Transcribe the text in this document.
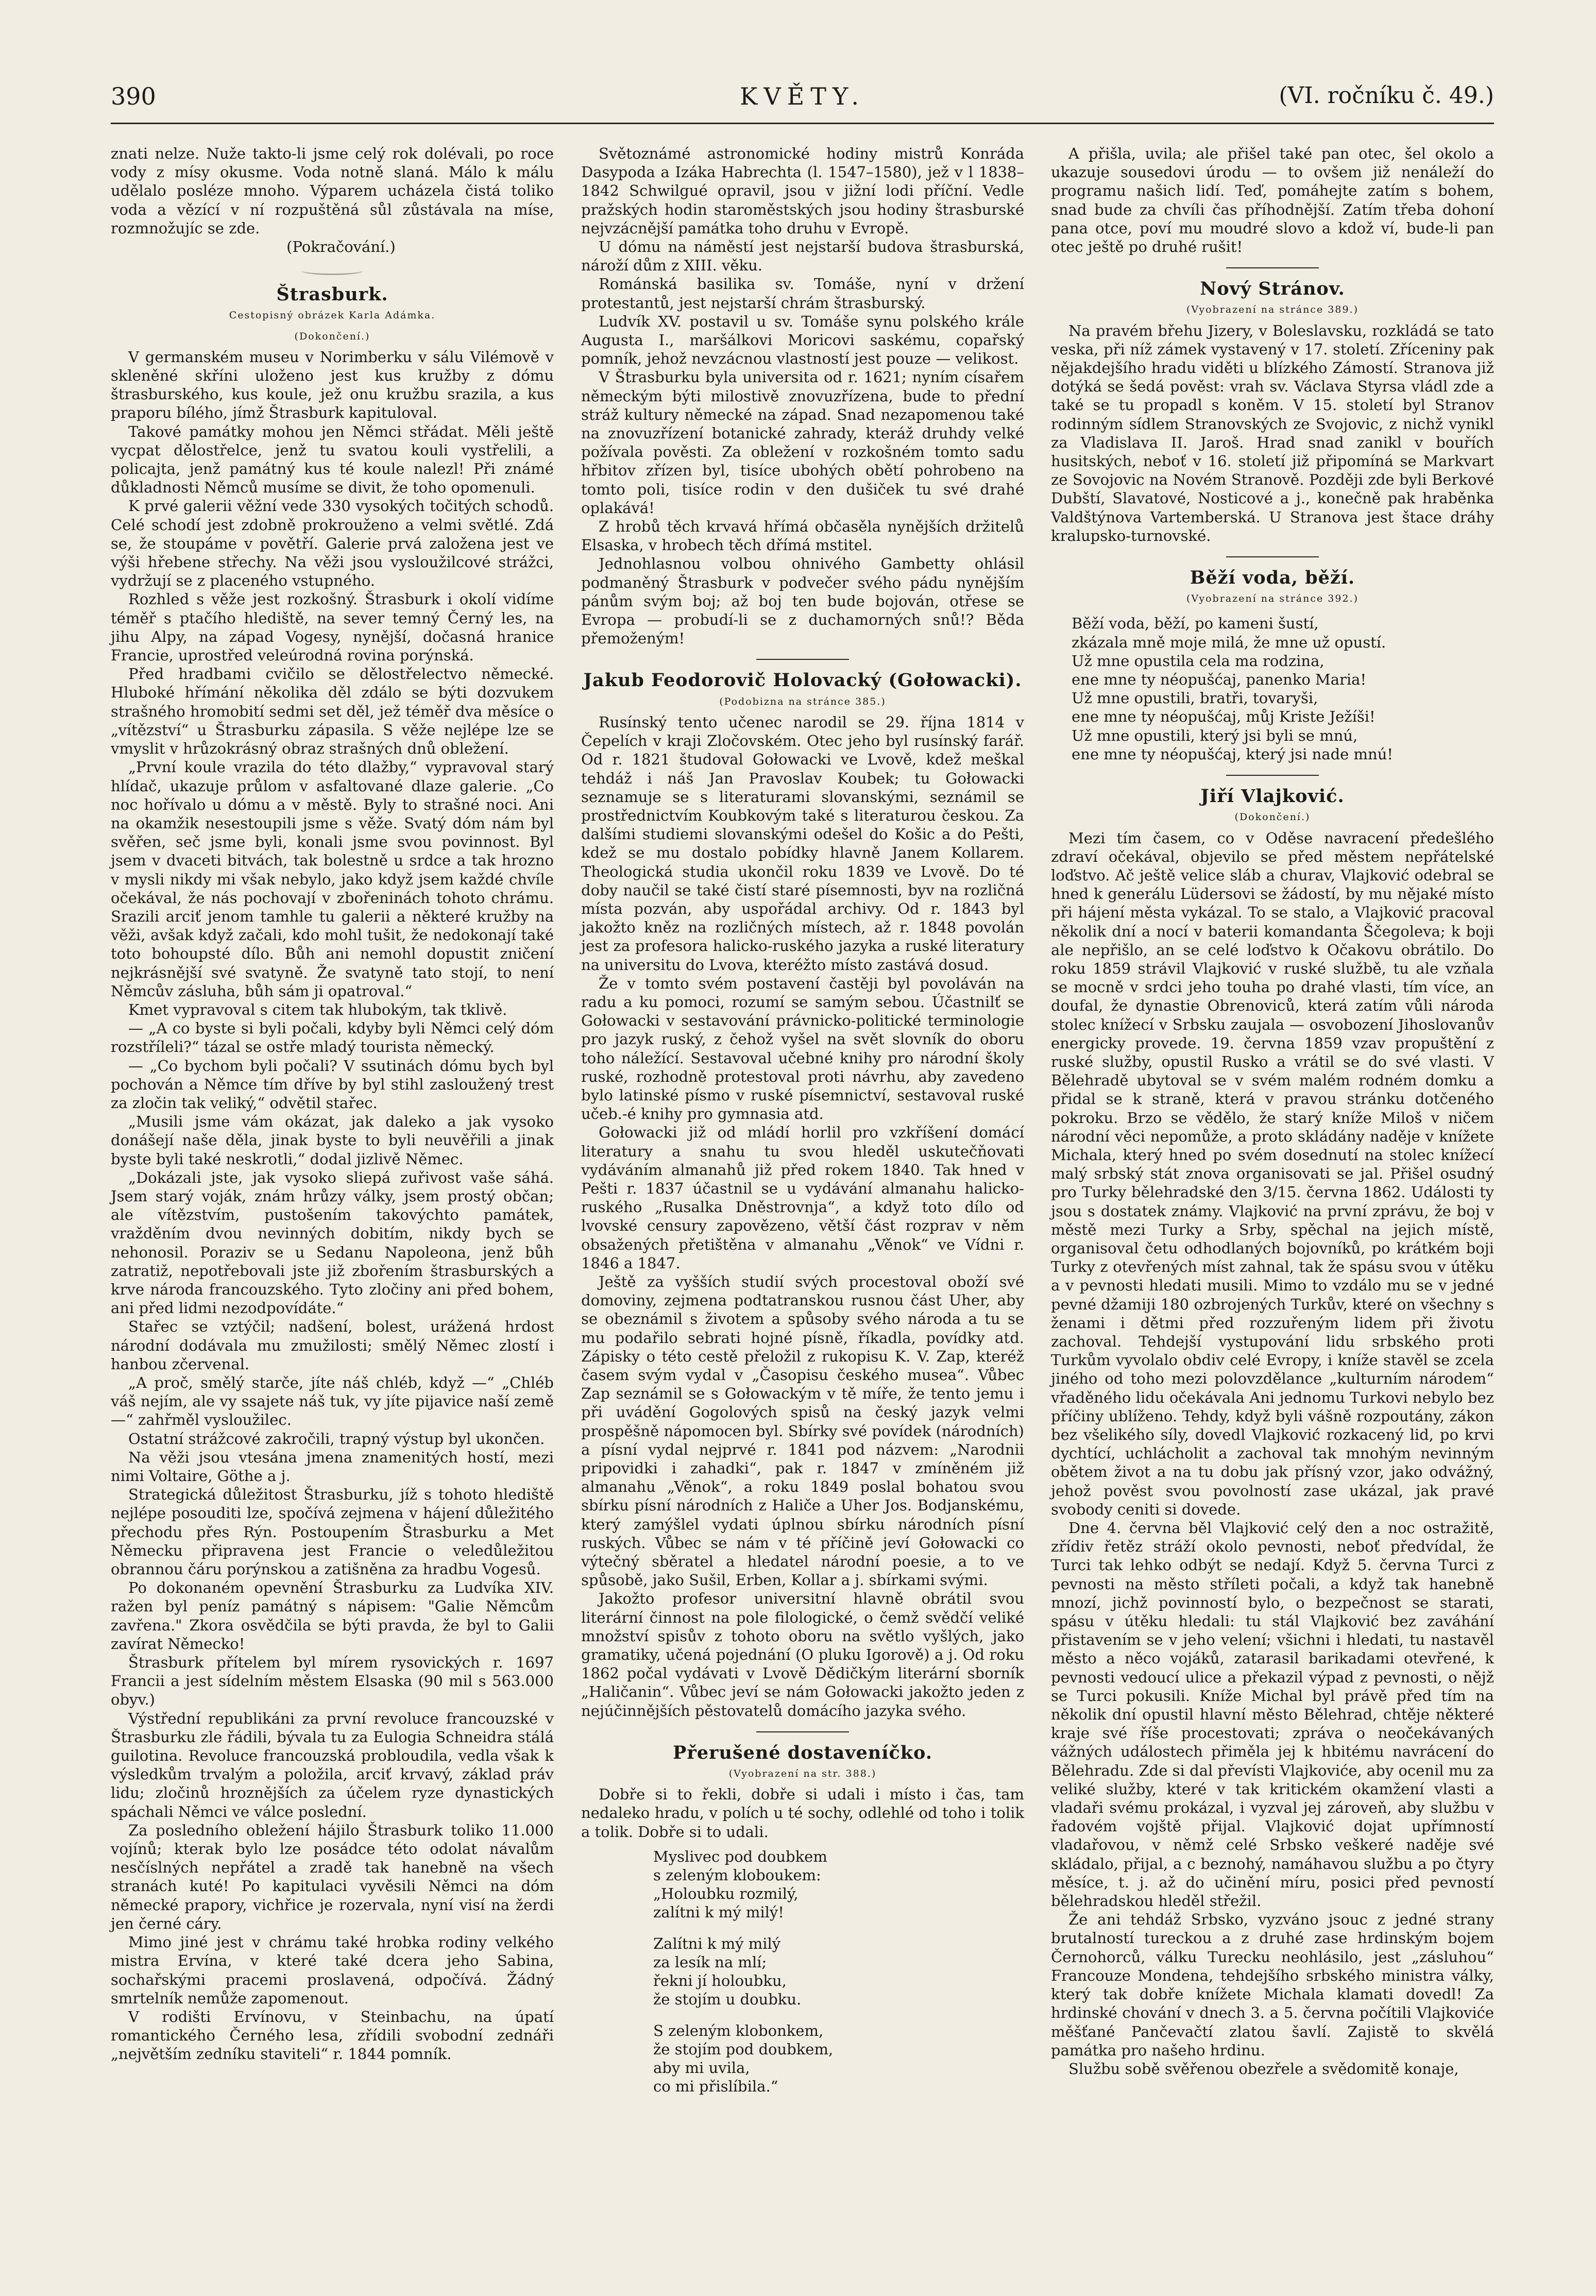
390	KVĚTY.	(VI. ročníku č. 49.)

znati nelze. Nuže takto-li jsme celý rok dolévali, po roce vody z mísy okusme. Voda notně slaná. Málo k málu udělalo posléze mnoho. Výparem ucházela čistá toliko voda a vězící v ní rozpuštěná sůl zůstávala na míse, rozmnožujíc se zde.

(Pokračování.)

Štrasburk.
Cestopisný obrázek Karla Adámka.
(Dokončení.)

V germanském museu v Norimberku v sálu Vilémově v skleněné skříni uloženo jest kus kružby z dómu štrasburského, kus koule, jež onu kružbu srazila, a kus praporu bílého, jímž Štrasburk kapituloval.

Takové památky mohou jen Němci střádat. Měli ještě vycpat dělostřelce, jenž tu svatou kouli vystřelili, a policajta, jenž památný kus té koule nalezl! Při známé důkladnosti Němců musíme se divit, že toho opomenuli.

K prvé galerii věžní vede 330 vysokých točitých schodů. Celé schodí jest zdobně prokrouženo a velmi světlé. Zdá se, že stoupáme v povětří. Galerie prvá založena jest ve výši hřebene střechy. Na věži jsou vysloužilcové strážci, vydržují se z placeného vstupného.

Rozhled s věže jest rozkošný. Štrasburk i okolí vidíme téměř s ptačího hlediště, na sever temný Černý les, na jihu Alpy, na západ Vogesy, nynější, dočasná hranice Francie, uprostřed veleúrodná rovina porýnská.

Před hradbami cvičilo se dělostřelectvo německé. Hluboké hřímání několika děl zdálo se býti dozvukem strašného hromobití sedmi set děl, jež téměř dva měsíce o „vítězství“ u Štrasburku zápasila. S věže nejlépe lze se vmyslit v hrůzokrásný obraz strašných dnů obležení.

„První koule vrazila do této dlažby,“ vypravoval starý hlídač, ukazuje průlom v asfaltované dlaze galerie. „Co noc hořívalo u dómu a v městě. Byly to strašné noci. Ani na okamžik nesestoupili jsme s věže. Svatý dóm nám byl svěřen, seč jsme byli, konali jsme svou povinnost. Byl jsem v dvaceti bitvách, tak bolestně u srdce a tak hrozno v mysli nikdy mi však nebylo, jako když jsem každé chvíle očekával, že nás pochovají v zbořeninách tohoto chrámu. Srazili arciť jenom tamhle tu galerii a některé kružby na věži, avšak když začali, kdo mohl tušit, že nedokonají také toto bohoupsté dílo. Bůh ani nemohl dopustit zničení nejkrásnější své svatyně. Že svatyně tato stojí, to není Němcův zásluha, bůh sám ji opatroval.“

Kmet vypravoval s citem tak hlubokým, tak tklivě.

— „A co byste si byli počali, kdyby byli Němci celý dóm rozstříleli?“ tázal se ostře mladý tourista německý.

— „Co bychom byli počali? V ssutinách dómu bych byl pochován a Němce tím dříve by byl stihl zasloužený trest za zločin tak veliký,“ odvětil stařec.

„Musili jsme vám okázat, jak daleko a jak vysoko donášejí naše děla, jinak byste to byli neuvěřili a jinak byste byli také neskrotli,“ dodal jizlivě Němec.

„Dokázali jste, jak vysoko sliepá zuřivost vaše sáhá. Jsem starý voják, znám hrůzy války, jsem prostý občan; ale vítězstvím, pustošením takovýchto památek, vražděním dvou nevinných dobitím, nikdy bych se nehonosil. Poraziv se u Sedanu Napoleona, jenž bůh zatratiž, nepotřebovali jste již zbořením štrasburských a krve národa francouzského. Tyto zločiny ani před bohem, ani před lidmi nezodpovídáte.“

Stařec se vztýčil; nadšení, bolest, urážená hrdost národní dodávala mu zmužilosti; smělý Němec zlostí i hanbou zčervenal.

„A proč, smělý starče, jíte náš chléb, když —“ „Chléb váš nejím, ale vy ssajete náš tuk, vy jíte pijavice naší země —“ zahřměl vysloužilec.

Ostatní strážcové zakročili, trapný výstup byl ukončen.

Na věži jsou vtesána jmena znamenitých hostí, mezi nimi Voltaire, Göthe a j.

Strategická důležitost Štrasburku, jíž s tohoto hlediště nejlépe posouditi lze, spočívá zejmena v hájení důležitého přechodu přes Rýn. Postoupením Štrasburku a Met Německu připravena jest Francie o veledůležitou obrannou čáru porýnskou a zatišněna za hradbu Vogesů.

Po dokonaném opevnění Štrasburku za Ludvíka XIV. ražen byl peníz památný s nápisem: "Galie Němcům zavřena." Zkora osvědčila se býti pravda, že byl to Galii zavírat Německo!

Štrasburk přítelem byl mírem rysovických r. 1697 Francii a jest sídelním městem Elsaska (90 mil s 563.000 obyv.)

Výstřední republikáni za první revoluce francouzské v Štrasburku zle řádili, bývala tu za Eulogia Schneidra stálá guilotina. Revoluce francouzská probloudila, vedla však k výsledkům trvalým a položila, arciť krvavý, základ práv lidu; zločinů hroznějších za účelem ryze dynastických spáchali Němci ve válce poslední.

Za posledního obležení hájilo Štrasburk toliko 11.000 vojínů; kterak bylo lze posádce této odolat návalům nesčíslných nepřátel a zradě tak hanebně na všech stranách kuté! Po kapitulaci vyvěsili Němci na dóm německé prapory, vichřice je rozervala, nyní visí na žerdi jen černé cáry.

Mimo jiné jest v chrámu také hrobka rodiny velkého mistra Ervína, v které také dcera jeho Sabina, sochařskými pracemi proslavená, odpočívá. Žádný smrtelník nemůže zapomenout.

V rodišti Ervínovu, v Steinbachu, na úpatí romantického Černého lesa, zřídili svobodní zednáři „největším zedníku staviteli“ r. 1844 pomník.

Světoznámé astronomické hodiny mistrů Konráda Dasypoda a Izáka Habrechta (l. 1547–1580), jež v l 1838–1842 Schwilgué opravil, jsou v jižní lodi příční. Vedle pražských hodin staroměstských jsou hodiny štrasburské nejvzácnější památka toho druhu v Evropě.

U dómu na náměstí jest nejstarší budova štrasburská, nároží dům z XIII. věku.

Románská basilika sv. Tomáše, nyní v držení protestantů, jest nejstarší chrám štrasburský.

Ludvík XV. postavil u sv. Tomáše synu polského krále Augusta I., maršálkovi Moricovi saskému, copařský pomník, jehož nevzácnou vlastností jest pouze — velikost.

V Štrasburku byla universita od r. 1621; nyním císařem německým býti milostivě znovuzřízena, bude to přední stráž kultury německé na západ. Snad nezapomenou také na znovuzřízení botanické zahrady, kteráž druhdy velké požívala pověsti. Za obležení v rozkošném tomto sadu hřbitov zřízen byl, tisíce ubohých obětí pohrobeno na tomto poli, tisíce rodin v den dušiček tu své drahé oplakává!

Z hrobů těch krvavá hřímá občasěla nynějších držitelů Elsaska, v hrobech těch dřímá mstitel.

Jednohlasnou volbou ohnivého Gambetty ohlásil podmaněný Štrasburk v podvečer svého pádu nynějším pánům svým boj; až boj ten bude bojován, otřese se Evropa — probudí-li se z duchamorných snů!? Běda přemoženým!

Jakub Feodorovič Holovacký (Gołowacki).
(Podobizna na stránce 385.)

Rusínský tento učenec narodil se 29. října 1814 v Čepelích v kraji Zločovském. Otec jeho byl rusínský farář. Od r. 1821 študoval Gołowacki ve Lvově, kdež meškal tehdáž i náš Jan Pravoslav Koubek; tu Gołowacki seznamuje se s literaturami slovanskými, seznámil se prostřednictvím Koubkovým také s literaturou českou. Za dalšími studiemi slovanskými odešel do Košic a do Pešti, kdež se mu dostalo pobídky hlavně Janem Kollarem. Theologická studia ukončil roku 1839 ve Lvově. Do té doby naučil se také čistí staré písemnosti, byv na rozličná místa pozván, aby uspořádal archivy. Od r. 1843 byl jakožto kněz na rozličných místech, až r. 1848 povolán jest za profesora halicko-ruského jazyka a ruské literatury na universitu do Lvova, kteréžto místo zastává dosud.

Že v tomto svém postavení častěji byl povoláván na radu a ku pomoci, rozumí se samým sebou. Účastnilť se Gołowacki v sestavování právnicko-politické terminologie pro jazyk ruský, z čehož vyšel na svět slovník do oboru toho náležící. Sestavoval učebné knihy pro národní školy ruské, rozhodně protestoval proti návrhu, aby zavedeno bylo latinské písmo v ruské písemnictví, sestavoval ruské učeb.-é knihy pro gymnasia atd.

Gołowacki již od mládí horlil pro vzkříšení domácí literatury a snahu tu svou hleděl uskutečňovati vydáváním almanahů již před rokem 1840. Tak hned v Pešti r. 1837 účastnil se u vydávání almanahu halicko-ruského „Rusalka Dněstrovnja“, a když toto dílo od lvovské censury zapovězeno, větší část rozprav v něm obsažených přetištěna v almanahu „Věnok“ ve Vídni r. 1846 a 1847.

Ještě za vyšších studií svých procestoval oboží své domoviny, zejmena podtatranskou rusnou část Uher, aby se obeznámil s životem a spůsoby svého národa a tu se mu podařilo sebrati hojné písně, říkadla, povídky atd. Zápisky o této cestě přeložil z rukopisu K. V. Zap, kteréž časem svým vydal v „Časopisu českého musea“. Vůbec Zap seznámil se s Gołowackým v tě míře, že tento jemu i při uvádění Gogolových spisů na český jazyk velmi prospěšně nápomocen byl. Sbírky své povídek (národních) a písní vydal nejprvé r. 1841 pod názvem: „Narodnii pripovidki i zahadki“, pak r. 1847 v zmíněném již almanahu „Věnok“, a roku 1849 poslal bohatou svou sbírku písní národních z Haliče a Uher Jos. Bodjanskému, který zamýšlel vydati úplnou sbírku národních písní ruských. Vůbec se nám v té příčině jeví Gołowacki co výtečný sběratel a hledatel národní poesie, a to ve spůsobě, jako Sušil, Erben, Kollar a j. sbírkami svými.

Jakožto profesor universitní hlavně obrátil svou literární činnost na pole filologické, o čemž svědčí veliké množství spisův z tohoto oboru na světlo vyšlých, jako gramatiky, učená pojednání (O pluku Igorově) a j. Od roku 1862 počal vydávati v Lvově Dědičkým literární sborník „Haličanin“. Vůbec jeví se nám Gołowacki jakožto jeden z nejúčinnějších pěstovatelů domácího jazyka svého.

Přerušené dostaveníčko.
(Vyobrazení na str. 388.)

Dobře si to řekli, dobře si udali i místo i čas, tam nedaleko hradu, v polích u té sochy, odlehlé od toho i tolik a tolik. Dobře si to udali.

Myslivec pod doubkem

s zeleným kloboukem:

„Holoubku rozmilý,

zalítni k mý milý!

Zalítni k mý milý

za lesík na mlí;

řekni jí holoubku,

že stojím u doubku.

S zeleným klobonkem,

že stojím pod doubkem,

aby mi uvila,

co mi přislíbila.“

A přišla, uvila; ale přišel také pan otec, šel okolo a ukazuje sousedovi úrodu — to ovšem již nenáleží do programu našich lidí. Teď, pomáhejte zatím s bohem, snad bude za chvíli čas příhodnější. Zatím třeba dohoní pana otce, poví mu moudré slovo a kdož ví, bude-li pan otec ještě po druhé rušit!

Nový Stránov.
(Vyobrazení na stránce 389.)

Na pravém břehu Jizery, v Boleslavsku, rozkládá se tato veska, při níž zámek vystavený v 17. století. Zříceniny pak nějakdejšího hradu viděti u blízkého Zámostí. Stranova již dotýká se šedá pověst: vrah sv. Václava Styrsa vládl zde a také se tu propadl s koněm. V 15. století byl Stranov rodinným sídlem Stranovských ze Svojovic, z nichž vynikl za Vladislava II. Jaroš. Hrad snad zanikl v bouřích husitských, neboť v 16. století již připomíná se Markvart ze Sovojovic na Novém Stranově. Později zde byli Berkové Dubští, Slavatové, Nosticové a j., konečně pak hraběnka Valdštýnova Vartemberská. U Stranova jest štace dráhy kralupsko-turnovské.

Běží voda, běží.
(Vyobrazení na stránce 392.)

Běží voda, běží, po kameni šustí,

zkázala mně moje milá, že mne už opustí.

Už mne opustila cela ma rodzina,

ene mne ty néopušćaj, panenko Maria!

Už mne opustili, bratři, tovaryši,

ene mne ty néopušćaj, můj Kriste Ježíši!

Už mne opustili, který jsi byli se mnú,

ene mne ty néopušćaj, který jsi nade mnú!

Jiří Vlajković.
(Dokončení.)

Mezi tím časem, co v Oděse navracení předešlého zdraví očekával, objevilo se před městem nepřátelské loďstvo. Ač ještě velice sláb a churav, Vlajković odebral se hned k generálu Lüdersovi se žádostí, by mu nějaké místo při hájení města vykázal. To se stalo, a Vlajković pracoval několik dní a nocí v baterii komandanta Ščegoleva; k boji ale nepřišlo, an se celé loďstvo k Očakovu obrátilo. Do roku 1859 strávil Vlajković v ruské službě, tu ale vzňala se mocně v srdci jeho touha po drahé vlasti, tím více, an doufal, že dynastie Obrenoviců, která zatím vůli národa stolec knížecí v Srbsku zaujala — osvobození Jihoslovanův energicky provede. 19. června 1859 vzav propuštění z ruské služby, opustil Rusko a vrátil se do své vlasti. V Bělehradě ubytoval se v svém malém rodném domku a přidal se k straně, která v pravou stránku dotčeného pokroku. Brzo se vědělo, že starý kníže Miloš v ničem národní věci nepomůže, a proto skládány naděje v knížete Michala, který hned po svém dosednutí na stolec knížecí malý srbský stát znova organisovati se jal. Přišel osudný pro Turky bělehradské den 3/15. června 1862. Události ty jsou s dostatek známy. Vlajković na první zprávu, že boj v městě mezi Turky a Srby, spěchal na jejich místě, organisoval četu odhodlaných bojovníků, po krátkém boji Turky z otevřených míst zahnal, tak že spásu svou v útěku a v pevnosti hledati musili. Mimo to vzdálo mu se v jedné pevné džamiji 180 ozbrojených Turkův, které on všechny s ženami i dětmi před rozzuřeným lidem při životu zachoval. Tehdejší vystupování lidu srbského proti Turkům vyvolalo obdiv celé Evropy, i kníže stavěl se zcela jiného od toho mezi polovzdělance „kulturním národem“ vřaděného lidu očekávala Ani jednomu Turkovi nebylo bez příčiny ublíženo. Tehdy, když byli vášně rozpoutány, zákon bez všelikého síly, dovedl Vlajković rozkacený lid, po krvi dychtící, uchlácholit a zachoval tak mnohým nevinným obětem život a na tu dobu jak přísný vzor, jako odvážný, jehož pověst svou povolností zase ukázal, jak pravé svobody ceniti si dovede.

Dne 4. června běl Vlajković celý den a noc ostražitě, zřídiv řetěz stráží okolo pevnosti, neboť předvídal, že Turci tak lehko odbýt se nedají. Když 5. června Turci z pevnosti na město stříleti počali, a když tak hanebně mnozí, jichž povinností bylo, o bezpečnost se starati, spásu v útěku hledali: tu stál Vlajković bez zaváhání přistavením se v jeho velení; všichni i hledati, tu nastavěl město a něco vojáků, zatarasil barikadami otevřené, k pevnosti vedoucí ulice a překazil výpad z pevnosti, o nějž se Turci pokusili. Kníže Michal byl právě před tím na několik dní opustil hlavní město Bělehrad, chtěje některé kraje své říše procestovati; zpráva o neočekávaných vážných událostech přiměla jej k hbitému navrácení do Bělehradu. Zde si dal převísti Vlajkoviće, aby ocenil mu za veliké služby, které v tak kritickém okamžení vlasti a vladaři svému prokázal, i vyzval jej zároveň, aby službu v řadovém vojště přijal. Vlajković dojat upřímností vladařovou, v němž celé Srbsko veškeré naděje své skládalo, přijal, a c beznohý, namáhavou službu a po čtyry měsíce, t. j. až do učinění míru, posici před pevností bělehradskou hleděl střežil.

Že ani tehdáž Srbsko, vyzváno jsouc z jedné strany brutalností tureckou a z druhé zase hrdinským bojem Černohorců, válku Turecku neohlásilo, jest „zásluhou“ Francouze Mondena, tehdejšího srbského ministra války, který tak dobře knížete Michala klamati dovedl! Za hrdinské chování v dnech 3. a 5. června počítili Vlajkoviće měšťané Pančevačtí zlatou šavlí. Zajistě to skvělá památka pro našeho hrdinu.

Službu sobě svěřenou obezřele a svědomitě konaje,
